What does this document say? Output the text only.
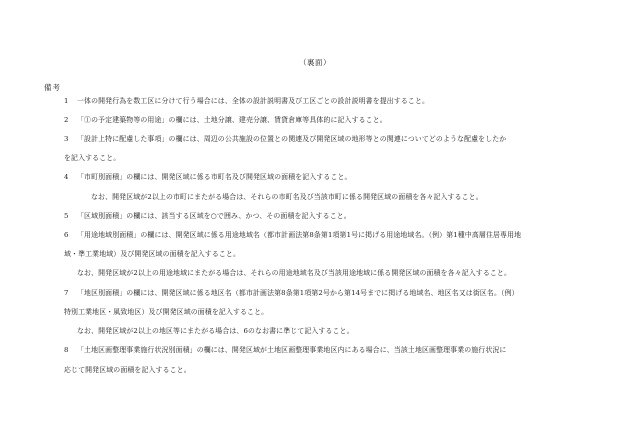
（裏面）
備考
1 一体の開発行為を数工区に分けて行う場合には、全体の設計説明書及び工区ごとの設計説明書を提出すること。
2 「①の予定建築物等の用途」の欄には、土地分譲、建売分譲、賃貸倉庫等具体的に記入すること。
3 「設計上特に配慮した事項」の欄には、周辺の公共施設の位置との関連及び開発区域の地形等との関連についてどのような配慮をしたか
を記入すること。
4 「市町別面積」の欄には、開発区域に係る市町名及び開発区域の面積を記入すること。
なお、開発区域が2以上の市町にまたがる場合は、それらの市町名及び当該市町に係る開発区域の面積を各々記入すること。
5 「区域別面積」の欄には、該当する区域を○で囲み、かつ、その面積を記入すること。
6 「用途地域別面積」の欄には、開発区域に係る用途地域名（都市計画法第8条第1項第1号に掲げる用途地域名。（例）第1種中高層住居専用地
域・準工業地域）及び開発区域の面積を記入すること。
なお、開発区域が2以上の用途地域にまたがる場合は、それらの用途地域名及び当該用途地域に係る開発区域の面積を各々記入すること。
7 「地区別面積」の欄には、開発区域に係る地区名（都市計画法第8条第1項第2号から第14号までに掲げる地域名、地区名又は街区名。（例）
特別工業地区・風致地区）及び開発区域の面積を記入すること。
なお、開発区域が2以上の地区等にまたがる場合は、6のなお書に準じて記入すること。
8 「土地区画整理事業施行状況別面積」の欄には、開発区域が土地区画整理事業地区内にある場合に、当該土地区画整理事業の施行状況に
応じて開発区域の面積を記入すること。
